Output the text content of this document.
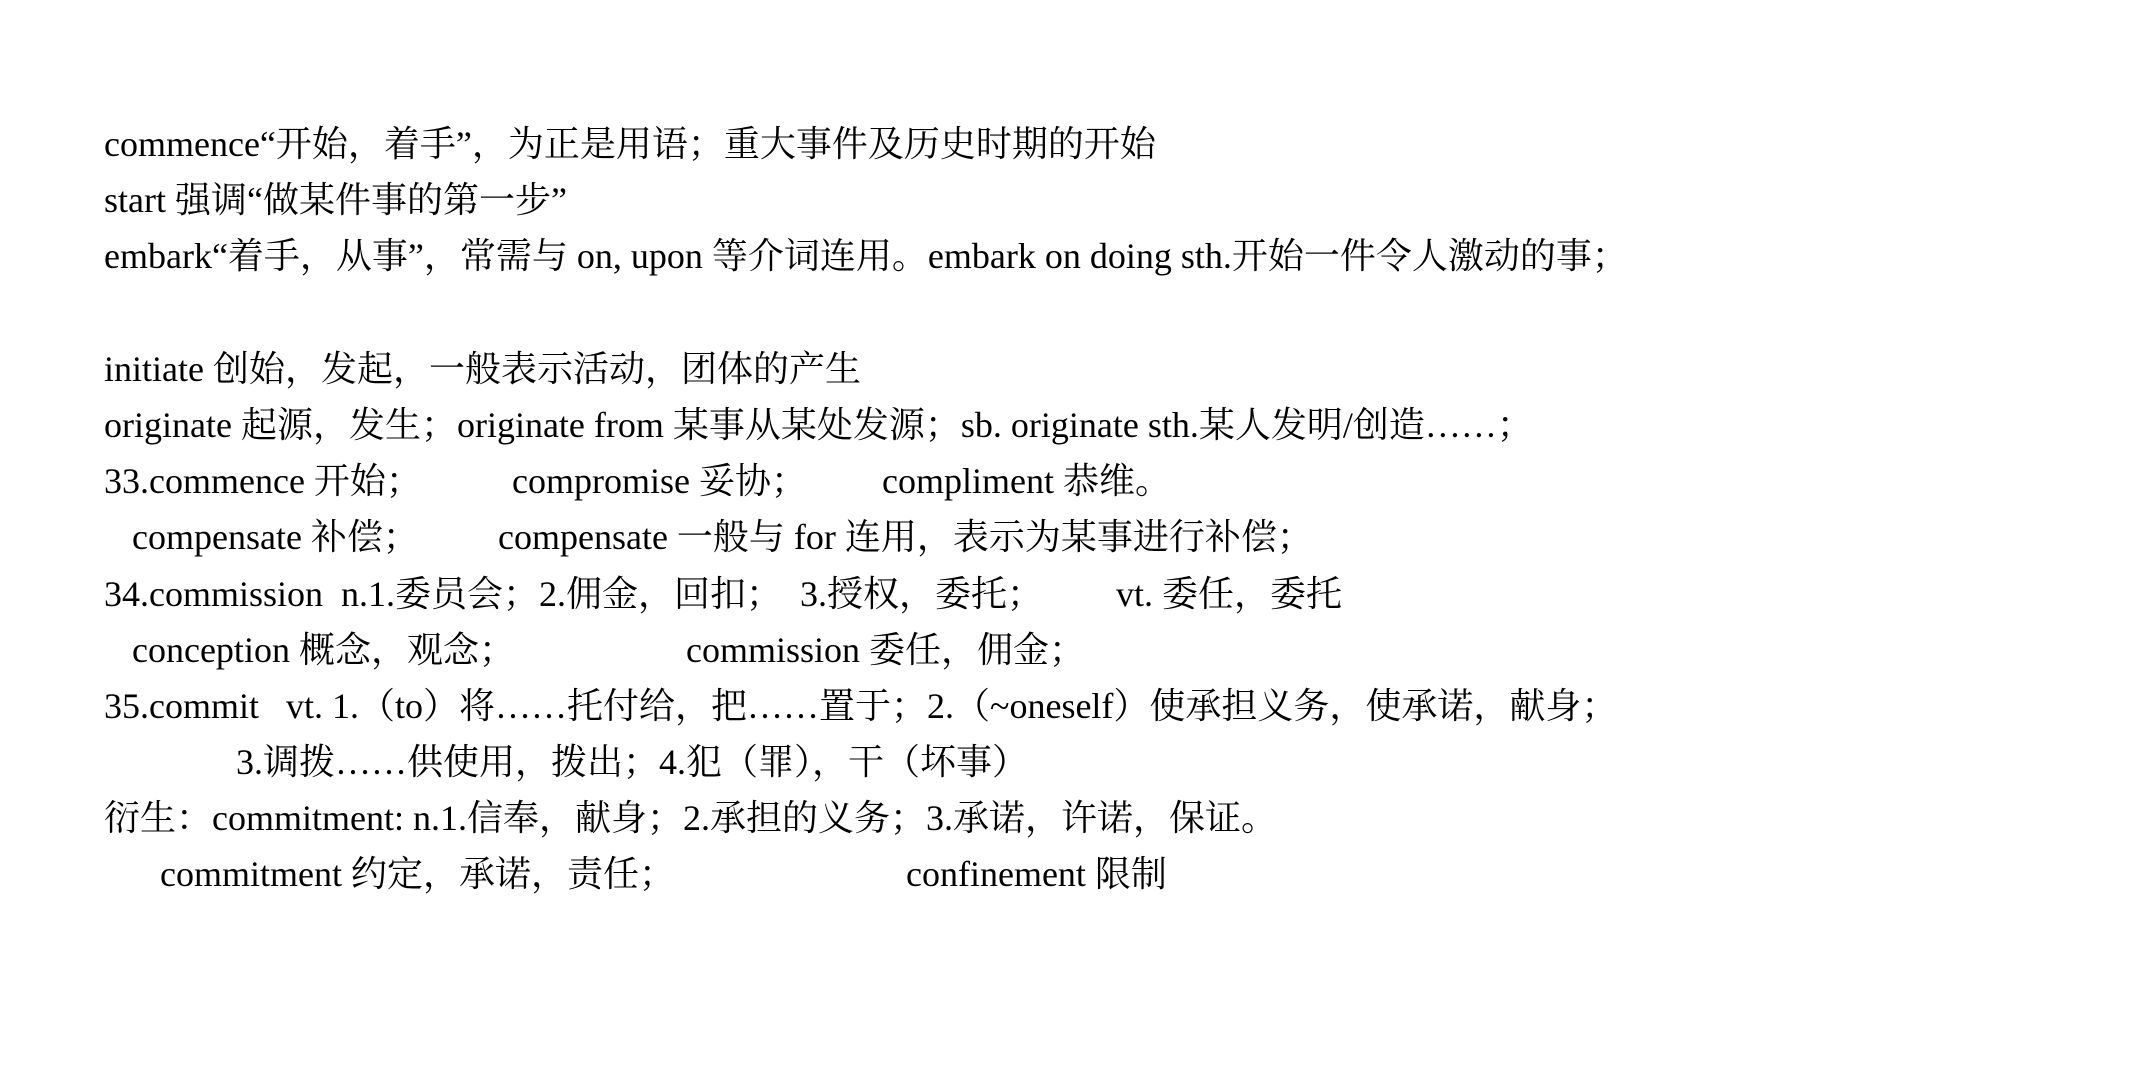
commence“开始，着手”，为正是用语；重大事件及历史时期的开始
start 强调“做某件事的第一步”
embark“着手，从事”，常需与 on, upon 等介词连用。embark on doing sth.开始一件令人激动的事；
initiate 创始，发起，一般表示活动，团体的产生
originate 起源，发生；originate from 某事从某处发源；sb. originate sth.某人发明/创造……；

33.commence 开始；

	compromise 妥协；

compliment 恭维。

compensate 补偿；

compensate 一般与 for 连用，表示为某事进行补偿；

34.commission  n.1.委员会；2.佣金，回扣；  3.授权，委托；

vt. 委任，委托

conception 概念，观念；

	commission 委任，佣金；

35.commit   vt. 1.（to）将……托付给，把……置于；2.（~oneself）使承担义务，使承诺，献身；
3.调拨……供使用，拨出；4.犯（罪），干（坏事）
衍生：commitment: n.1.信奉，献身；2.承担的义务；3.承诺，许诺，保证。

commitment 约定，承诺，责任；

	confinement 限制
